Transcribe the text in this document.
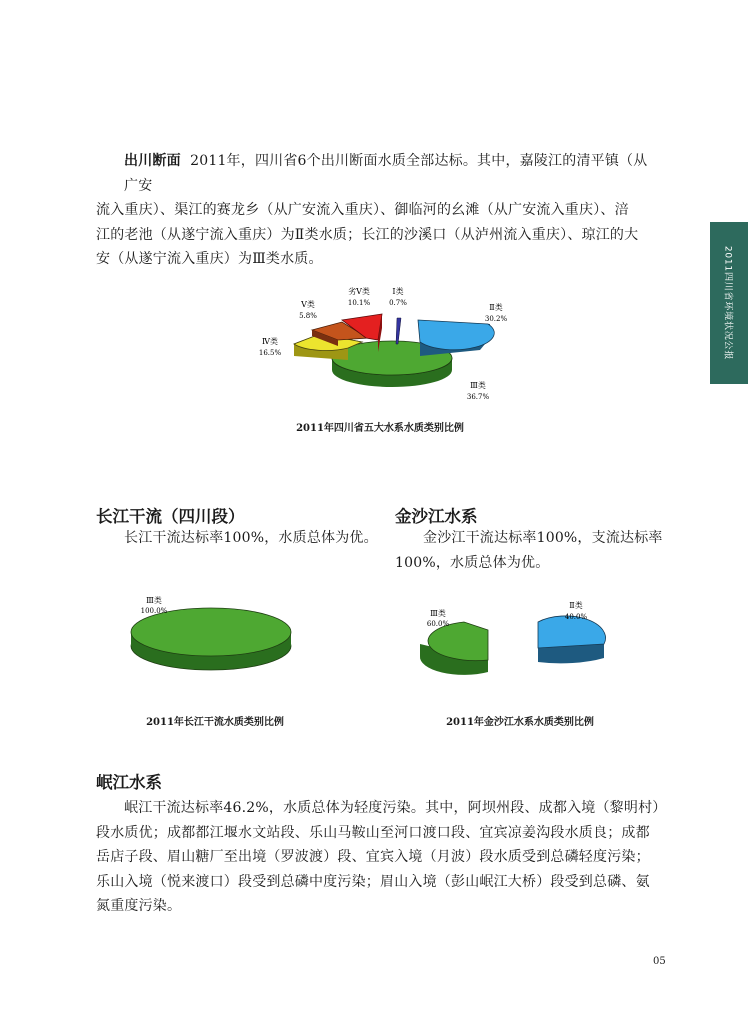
2011四川省环境状况公报
出川断面 2011年，四川省6个出川断面水质全部达标。其中，嘉陵江的清平镇（从广安
流入重庆）、渠江的赛龙乡（从广安流入重庆）、御临河的幺滩（从广安流入重庆）、涪
江的老池（从遂宁流入重庆）为Ⅱ类水质；长江的沙溪口（从泸州流入重庆）、琼江的大
安（从遂宁流入重庆）为Ⅲ类水质。
Ⅰ类
0.7%	Ⅱ类
30.2%
Ⅲ类
36.7%
Ⅳ类
16.5%
Ⅴ类
5.8%
劣Ⅴ类
10.1%
2011年四川省五大水系水质类别比例
长江干流（四川段）
长江干流达标率100%，水质总体为优。
金沙江水系
金沙江干流达标率100%，支流达标率
100%，水质总体为优。
Ⅲ类
100.0%
2011年长江干流水质类别比例
Ⅲ类
60.0%
Ⅱ类
40.0%
2011年金沙江水系水质类别比例
岷江水系
岷江干流达标率46.2%，水质总体为轻度污染。其中，阿坝州段、成都入境（黎明村）
段水质优；成都都江堰水文站段、乐山马鞍山至河口渡口段、宜宾凉姜沟段水质良；成都
岳店子段、眉山糖厂至出境（罗波渡）段、宜宾入境（月波）段水质受到总磷轻度污染；
乐山入境（悦来渡口）段受到总磷中度污染；眉山入境（彭山岷江大桥）段受到总磷、氨
氮重度污染。
05
